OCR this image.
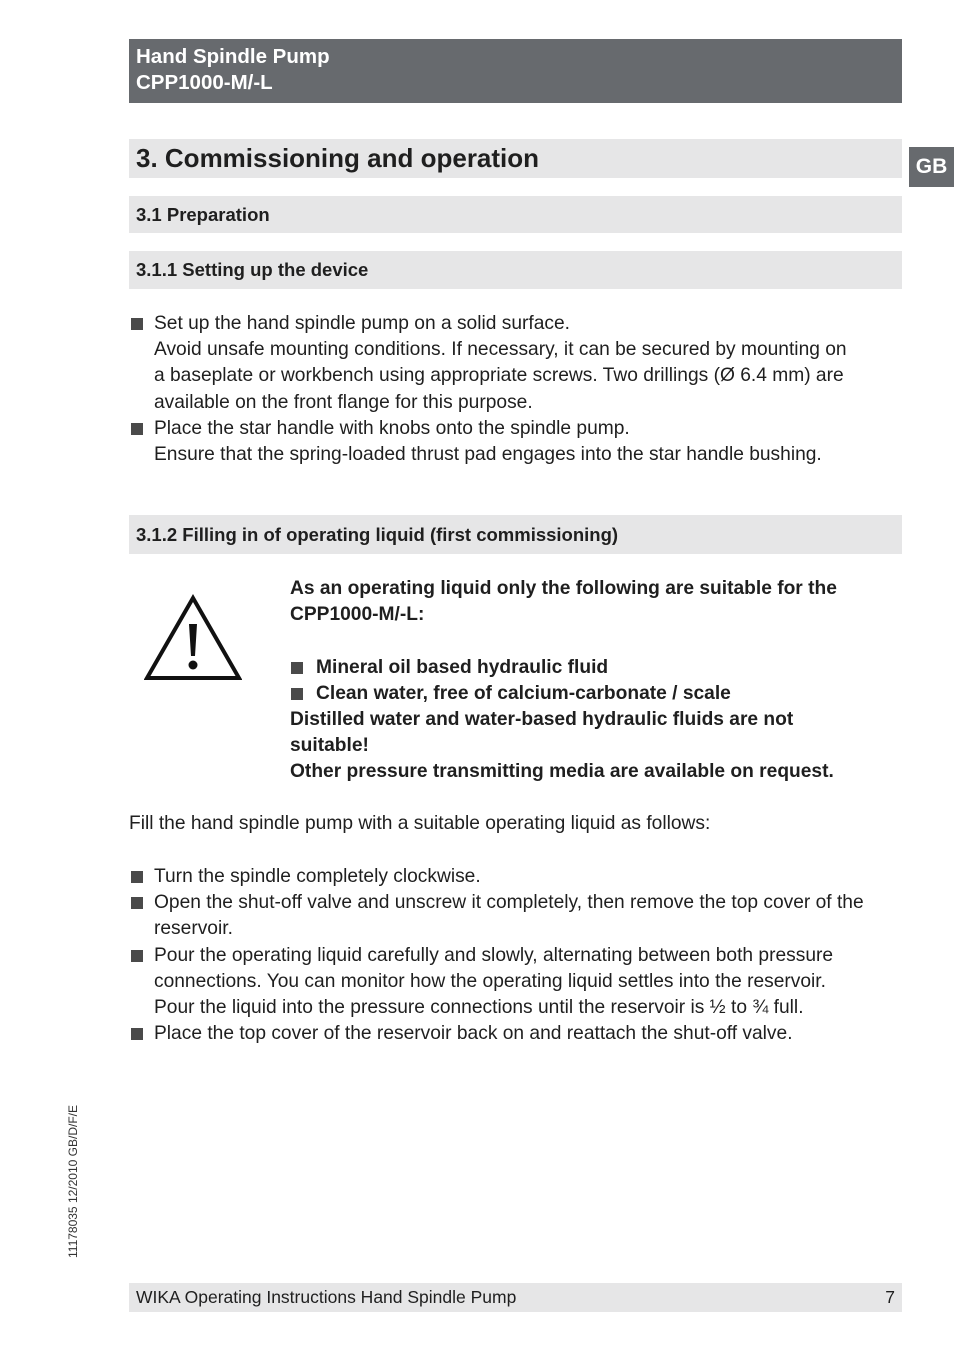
Hand Spindle Pump
CPP1000-M/-L
GB
3. Commissioning and operation
3.1 Preparation
3.1.1 Setting up the device
Set up the hand spindle pump on a solid surface.
Avoid unsafe mounting conditions. If necessary, it can be secured by mounting on
a baseplate or workbench using appropriate screws. Two drillings (Ø 6.4 mm) are
available on the front flange for this purpose.
Place the star handle with knobs onto the spindle pump.
Ensure that the spring-loaded thrust pad engages into the star handle bushing.
3.1.2 Filling in of operating liquid (first commissioning)
As an operating liquid only the following are suitable for the
CPP1000-M/-L:
Mineral oil based hydraulic fluid
Clean water, free of calcium-carbonate / scale
Distilled water and water-based hydraulic fluids are not
suitable!
Other pressure transmitting media are available on request.
Fill the hand spindle pump with a suitable operating liquid as follows:
Turn the spindle completely clockwise.
Open the shut-off valve and unscrew it completely, then remove the top cover of the
reservoir.
Pour the operating liquid carefully and slowly, alternating between both pressure
connections. You can monitor how the operating liquid settles into the reservoir.
Pour the liquid into the pressure connections until the reservoir is ½ to ¾ full.
Place the top cover of the reservoir back on and reattach the shut-off valve.
11178035 12/2010 GB/D/F/E
WIKA Operating Instructions Hand Spindle Pump	7
